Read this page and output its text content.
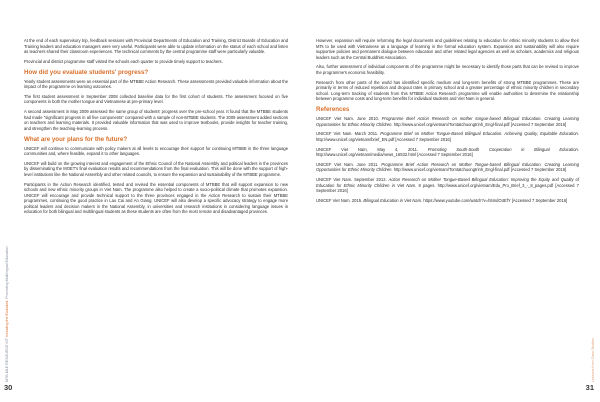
At the end of each supervisory trip, feedback sessions with Provincial Departments of Education and Training, District Boards of Education and Training leaders and education managers were very useful. Participants were able to update information on the status of each school and listen as teachers shared their classroom experiences. The technical comments by the central programme staff were particularly valuable.

Provincial and district programme staff visited the schools each quarter to provide timely support to teachers.

How did you evaluate students' progress?

Yearly student assessments were an essential part of the MTBBE Action Research. These assessments provided valuable information about the impact of the programme on learning outcomes.

The first student assessment in September 2008 collected baseline data for the first cohort of students. The assessment focused on five components in both the mother tongue and Vietnamese at pre-primary level.

A second assessment in May 2009 assessed the same group of students' progress over the pre-school year. It found that the MTBBE students had made "significant progress in all five components" compared with a sample of non-MTBBE students. The 2009 assessment added sections on teachers and learning materials. It provided valuable information that was used to improve textbooks, provide insights for teacher training, and strengthen the teaching-learning process.

What are your plans for the future?

UNICEF will continue to communicate with policy makers at all levels to encourage their support for continuing MTBBE in the three language communities and, where feasible, expand it to other languages.

UNICEF will build on the growing interest and engagement of the Ethnic Council of the National Assembly and political leaders in the provinces by disseminating the MOET's final evaluation results and recommendations from the final evaluation. This will be done with the support of high-level institutions like the National Assembly and other related councils, to ensure the expansion and sustainability of the MTBBE programme.

Participants in the Action Research identified, tested and revised the essential components of MTBBE that will support expansion to new schools and new ethnic minority groups in Viet Nam. The programme also helped to create a socio-political climate that promotes expansion. UNICEF will encourage and provide technical support to the three provinces engaged in the Action Research to sustain their MTBBE programmes, continuing the good practice in Lao Cai and An Giang. UNICEF will also develop a specific advocacy strategy to engage more political leaders and decision makers in the National Assembly, in universities and research institutions in considering language issues in education for both bilingual and multilingual students as these students are often from the most remote and disadvantaged provinces.

MTB-MLE RESOURCE KIT Including the Excluded: Promoting Multilingual Education
30

However, expansion will require reforming the legal documents and guidelines relating to education for ethnic minority students to allow their MTs to be used with Vietnamese as a language of learning in the formal education system. Expansion and sustainability will also require supportive policies and permanent dialogue between education and other related legal agencies as well as scholars, academics and religious leaders such as the Central Buddhist Association.

Also, further assessment of individual components of the programme might be necessary to identify those parts that can be revised to improve the programme's economic feasibility.

Research from other parts of the world has identified specific medium and long-term benefits of strong MTBBE programmes. These are primarily in terms of reduced repetition and dropout rates in primary school and a greater percentage of ethnic minority children in secondary school. Long-term tracking of students from this MTBBE Action Research programme will enable authorities to determine the relationship between programme costs and long-term benefits for individual students and Viet Nam in general.

References

UNICEF Viet Nam. June 2010. Programme Brief Action Research on mother tongue-based Bilingual Education. Creating Learning Opportunities for Ethnic Minority Children. http://www.unicef.org/vietnam/Tomtatchuongtrinh_Engl-final.pdf [Accessed 7 September 2016]

UNICEF Viet Nam. March 2011. Programme Brief on Mother Tongue-Based Bilingual Education. Achieving Quality, Equitable Education. http://www.unicef.org/vietnam/brief_EN.pdf [Accessed 7 September 2016]

UNICEF Viet Nam, May 4, 2011. Promoting South-South Cooperation in Bilingual Education. http://www.unicef.org/vietnam/media/news_16532.html [Accessed 7 September 2016]

UNICEF Viet Nam. June 2011. Programme Brief Action Research on Mother Tongue-based Bilingual Education. Creating Learning Opportunities for Ethnic Minority Children. http://www.unicef.org/vietnam/Tomtatchuongtrinh_Engl-final.pdf [Accessed 7 September 2016]

UNICEF Viet Nam. September 2012. Action Research on Mother Tongue-Based Bilingual Education: Improving the Equity and Quality of Education for Ethnic Minority Children in Viet Nam. 8 pages. http://www.unicef.org/vietnam/Edu_Pro_Brief_3_-_8_pages.pdf [Accessed 7 September 2016]

UNICEF Viet Nam. 2015. Bilingual Education in Viet Nam. https://www.youtube.com/watch?v=h5mdO4EfY [Accessed 7 September 2016]

Lessons from Case Studies
31
